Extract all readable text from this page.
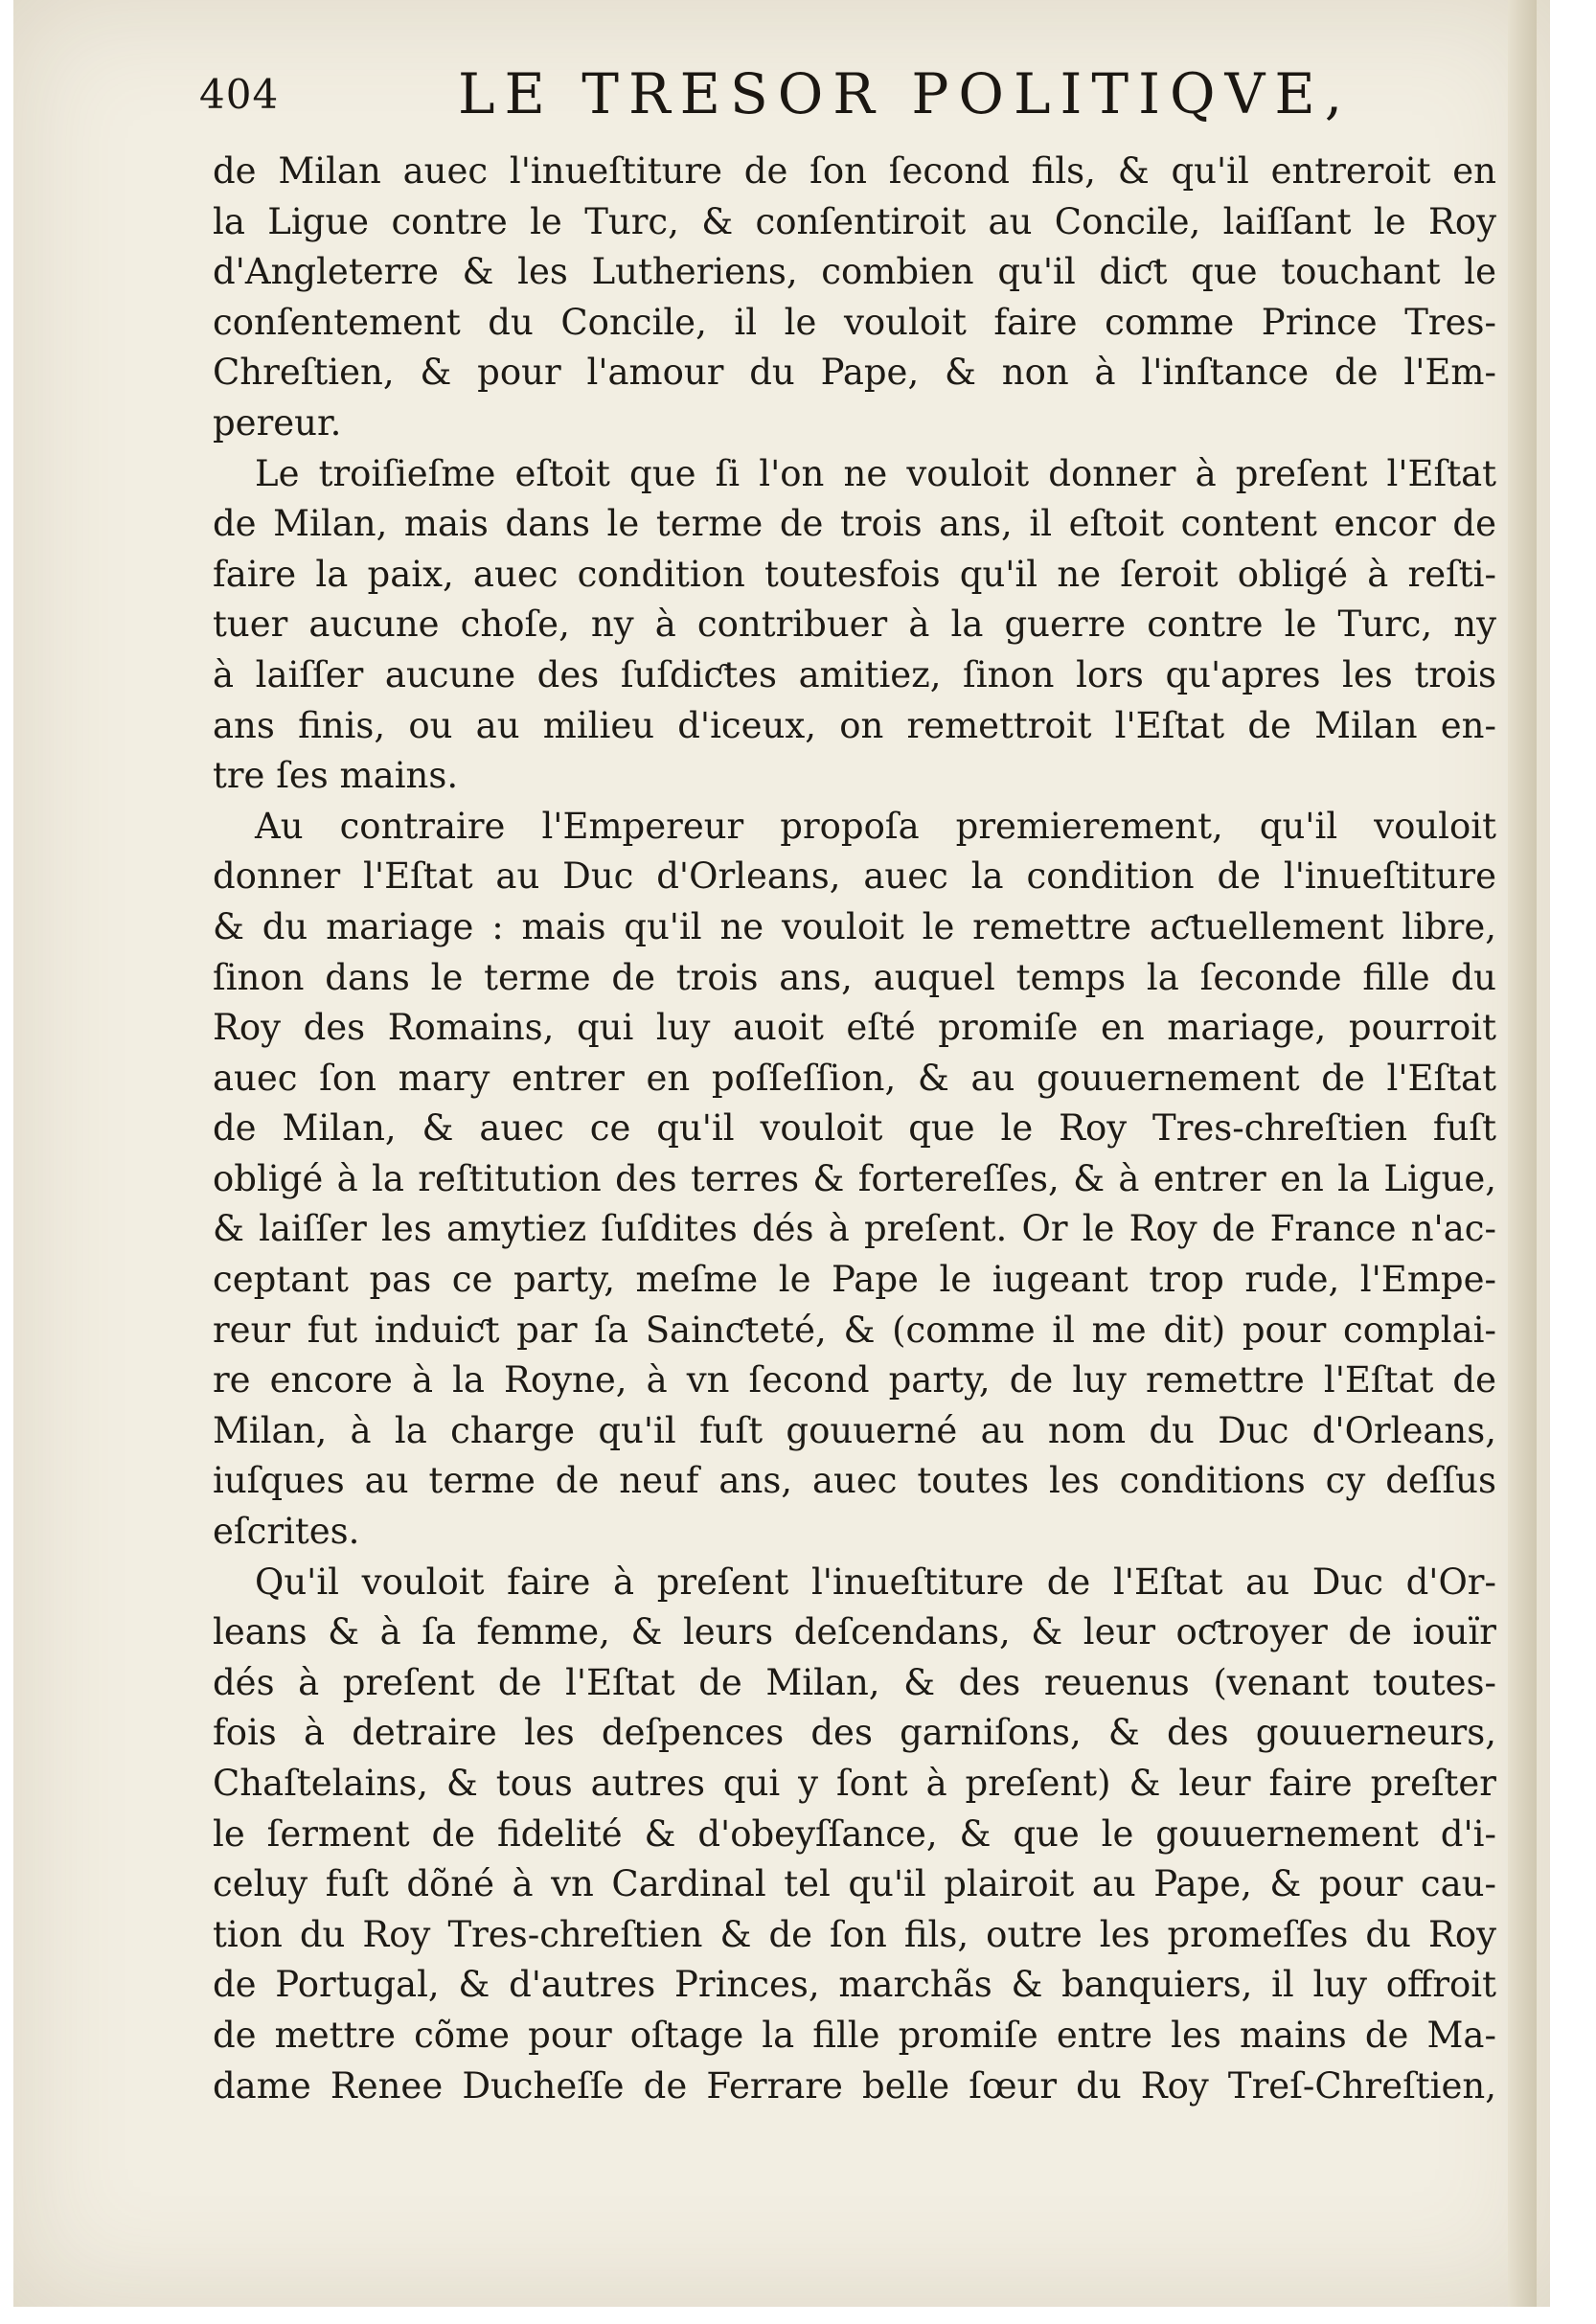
404	LE TRESOR POLITIQVE,
de Milan auec l'inueſtiture de ſon ſecond fils, & qu'il entreroit en
la Ligue contre le Turc, & conſentiroit au Concile, laiſſant le Roy
d'Angleterre & les Lutheriens, combien qu'il diƈt que touchant le
conſentement du Concile, il le vouloit faire comme Prince Tres-
Chreſtien, & pour l'amour du Pape, & non à l'inſtance de l'Em-
pereur.
Le troiſieſme eſtoit que ſi l'on ne vouloit donner à preſent l'Eſtat
de Milan, mais dans le terme de trois ans, il eſtoit content encor de
faire la paix, auec condition toutesfois qu'il ne ſeroit obligé à reſti-
tuer aucune choſe, ny à contribuer à la guerre contre le Turc, ny
à laiſſer aucune des ſuſdiƈtes amitiez, ſinon lors qu'apres les trois
ans finis, ou au milieu d'iceux, on remettroit l'Eſtat de Milan en-
tre ſes mains.
Au contraire l'Empereur propoſa premierement, qu'il vouloit
donner l'Eſtat au Duc d'Orleans, auec la condition de l'inueſtiture
& du mariage : mais qu'il ne vouloit le remettre aƈtuellement libre,
ſinon dans le terme de trois ans, auquel temps la ſeconde fille du
Roy des Romains, qui luy auoit eſté promiſe en mariage, pourroit
auec ſon mary entrer en poſſeſſion, & au gouuernement de l'Eſtat
de Milan, & auec ce qu'il vouloit que le Roy Tres-chreſtien fuſt
obligé à la reſtitution des terres & fortereſſes, & à entrer en la Ligue,
& laiſſer les amytiez ſuſdites dés à preſent. Or le Roy de France n'ac-
ceptant pas ce party, meſme le Pape le iugeant trop rude, l'Empe-
reur fut induiƈt par ſa Sainƈteté, & (comme il me dit) pour complai-
re encore à la Royne, à vn ſecond party, de luy remettre l'Eſtat de
Milan, à la charge qu'il fuſt gouuerné au nom du Duc d'Orleans,
iuſques au terme de neuf ans, auec toutes les conditions cy deſſus
eſcrites.
Qu'il vouloit faire à preſent l'inueſtiture de l'Eſtat au Duc d'Or-
leans & à ſa femme, & leurs deſcendans, & leur oƈtroyer de iouïr
dés à preſent de l'Eſtat de Milan, & des reuenus (venant toutes-
fois à detraire les deſpences des garniſons, & des gouuerneurs,
Chaſtelains, & tous autres qui y ſont à preſent) & leur faire preſter
le ſerment de fidelité & d'obeyſſance, & que le gouuernement d'i-
celuy fuſt dõné à vn Cardinal tel qu'il plairoit au Pape, & pour cau-
tion du Roy Tres-chreſtien & de ſon fils, outre les promeſſes du Roy
de Portugal, & d'autres Princes, marchãs & banquiers, il luy offroit
de mettre cõme pour oſtage la fille promiſe entre les mains de Ma-
dame Renee Ducheſſe de Ferrare belle ſœur du Roy Treſ-Chreſtien,
